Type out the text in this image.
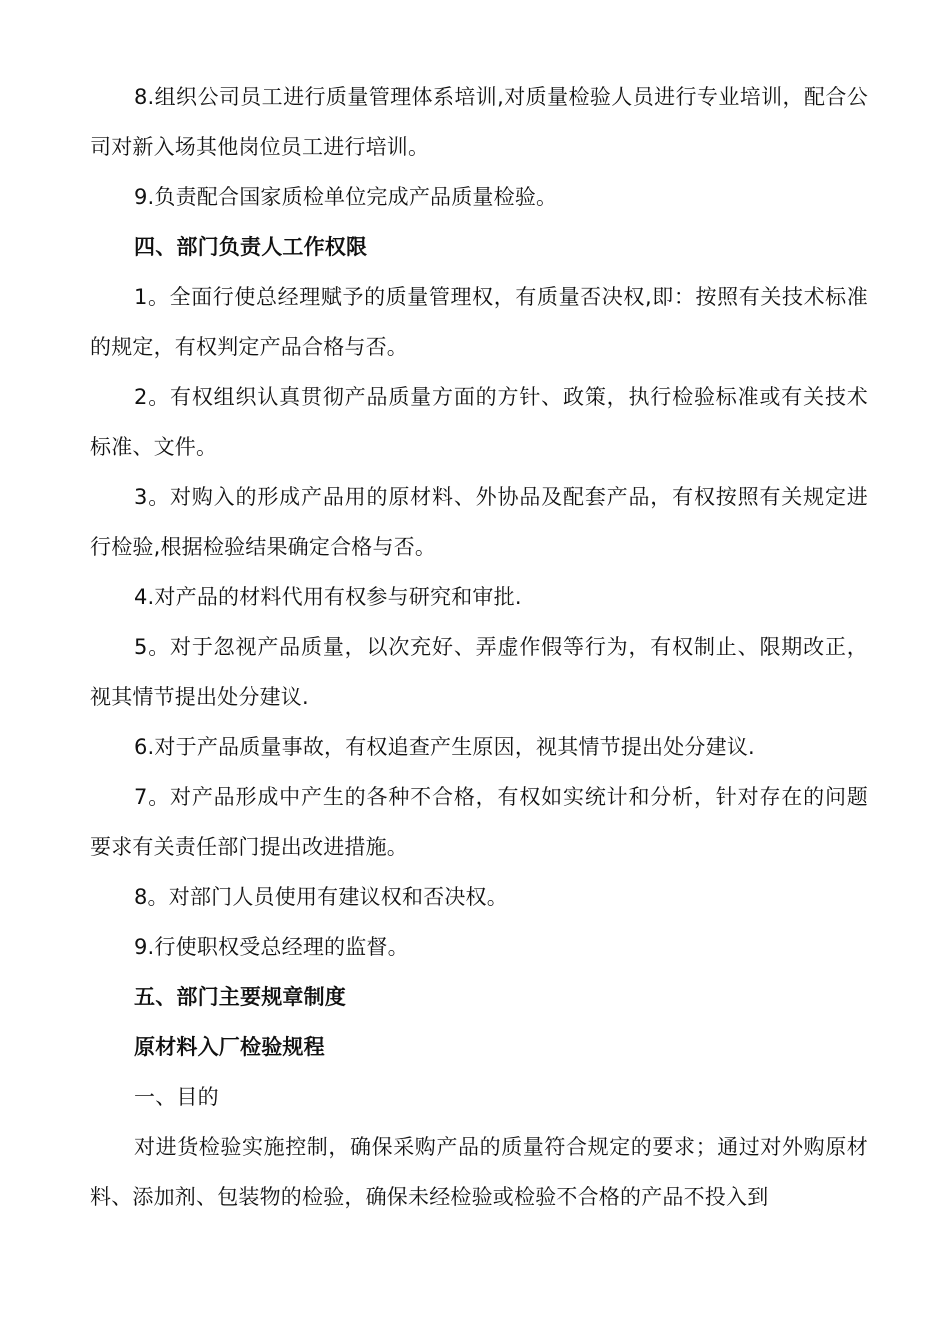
8.组织公司员工进行质量管理体系培训,对质量检验人员进行专业培训，配合公司对新入场其他岗位员工进行培训。

9.负责配合国家质检单位完成产品质量检验。

四、部门负责人工作权限

1。全面行使总经理赋予的质量管理权，有质量否决权,即：按照有关技术标准的规定，有权判定产品合格与否。

2。有权组织认真贯彻产品质量方面的方针、政策，执行检验标准或有关技术标准、文件。

3。对购入的形成产品用的原材料、外协品及配套产品，有权按照有关规定进行检验,根据检验结果确定合格与否。

4.对产品的材料代用有权参与研究和审批.

5。对于忽视产品质量，以次充好、弄虚作假等行为，有权制止、限期改正，视其情节提出处分建议.

6.对于产品质量事故，有权追查产生原因，视其情节提出处分建议.

7。对产品形成中产生的各种不合格，有权如实统计和分析，针对存在的问题要求有关责任部门提出改进措施。

8。对部门人员使用有建议权和否决权。

9.行使职权受总经理的监督。

五、部门主要规章制度

原材料入厂检验规程

一、目的

对进货检验实施控制，确保采购产品的质量符合规定的要求；通过对外购原材料、添加剂、包装物的检验，确保未经检验或检验不合格的产品不投入到
